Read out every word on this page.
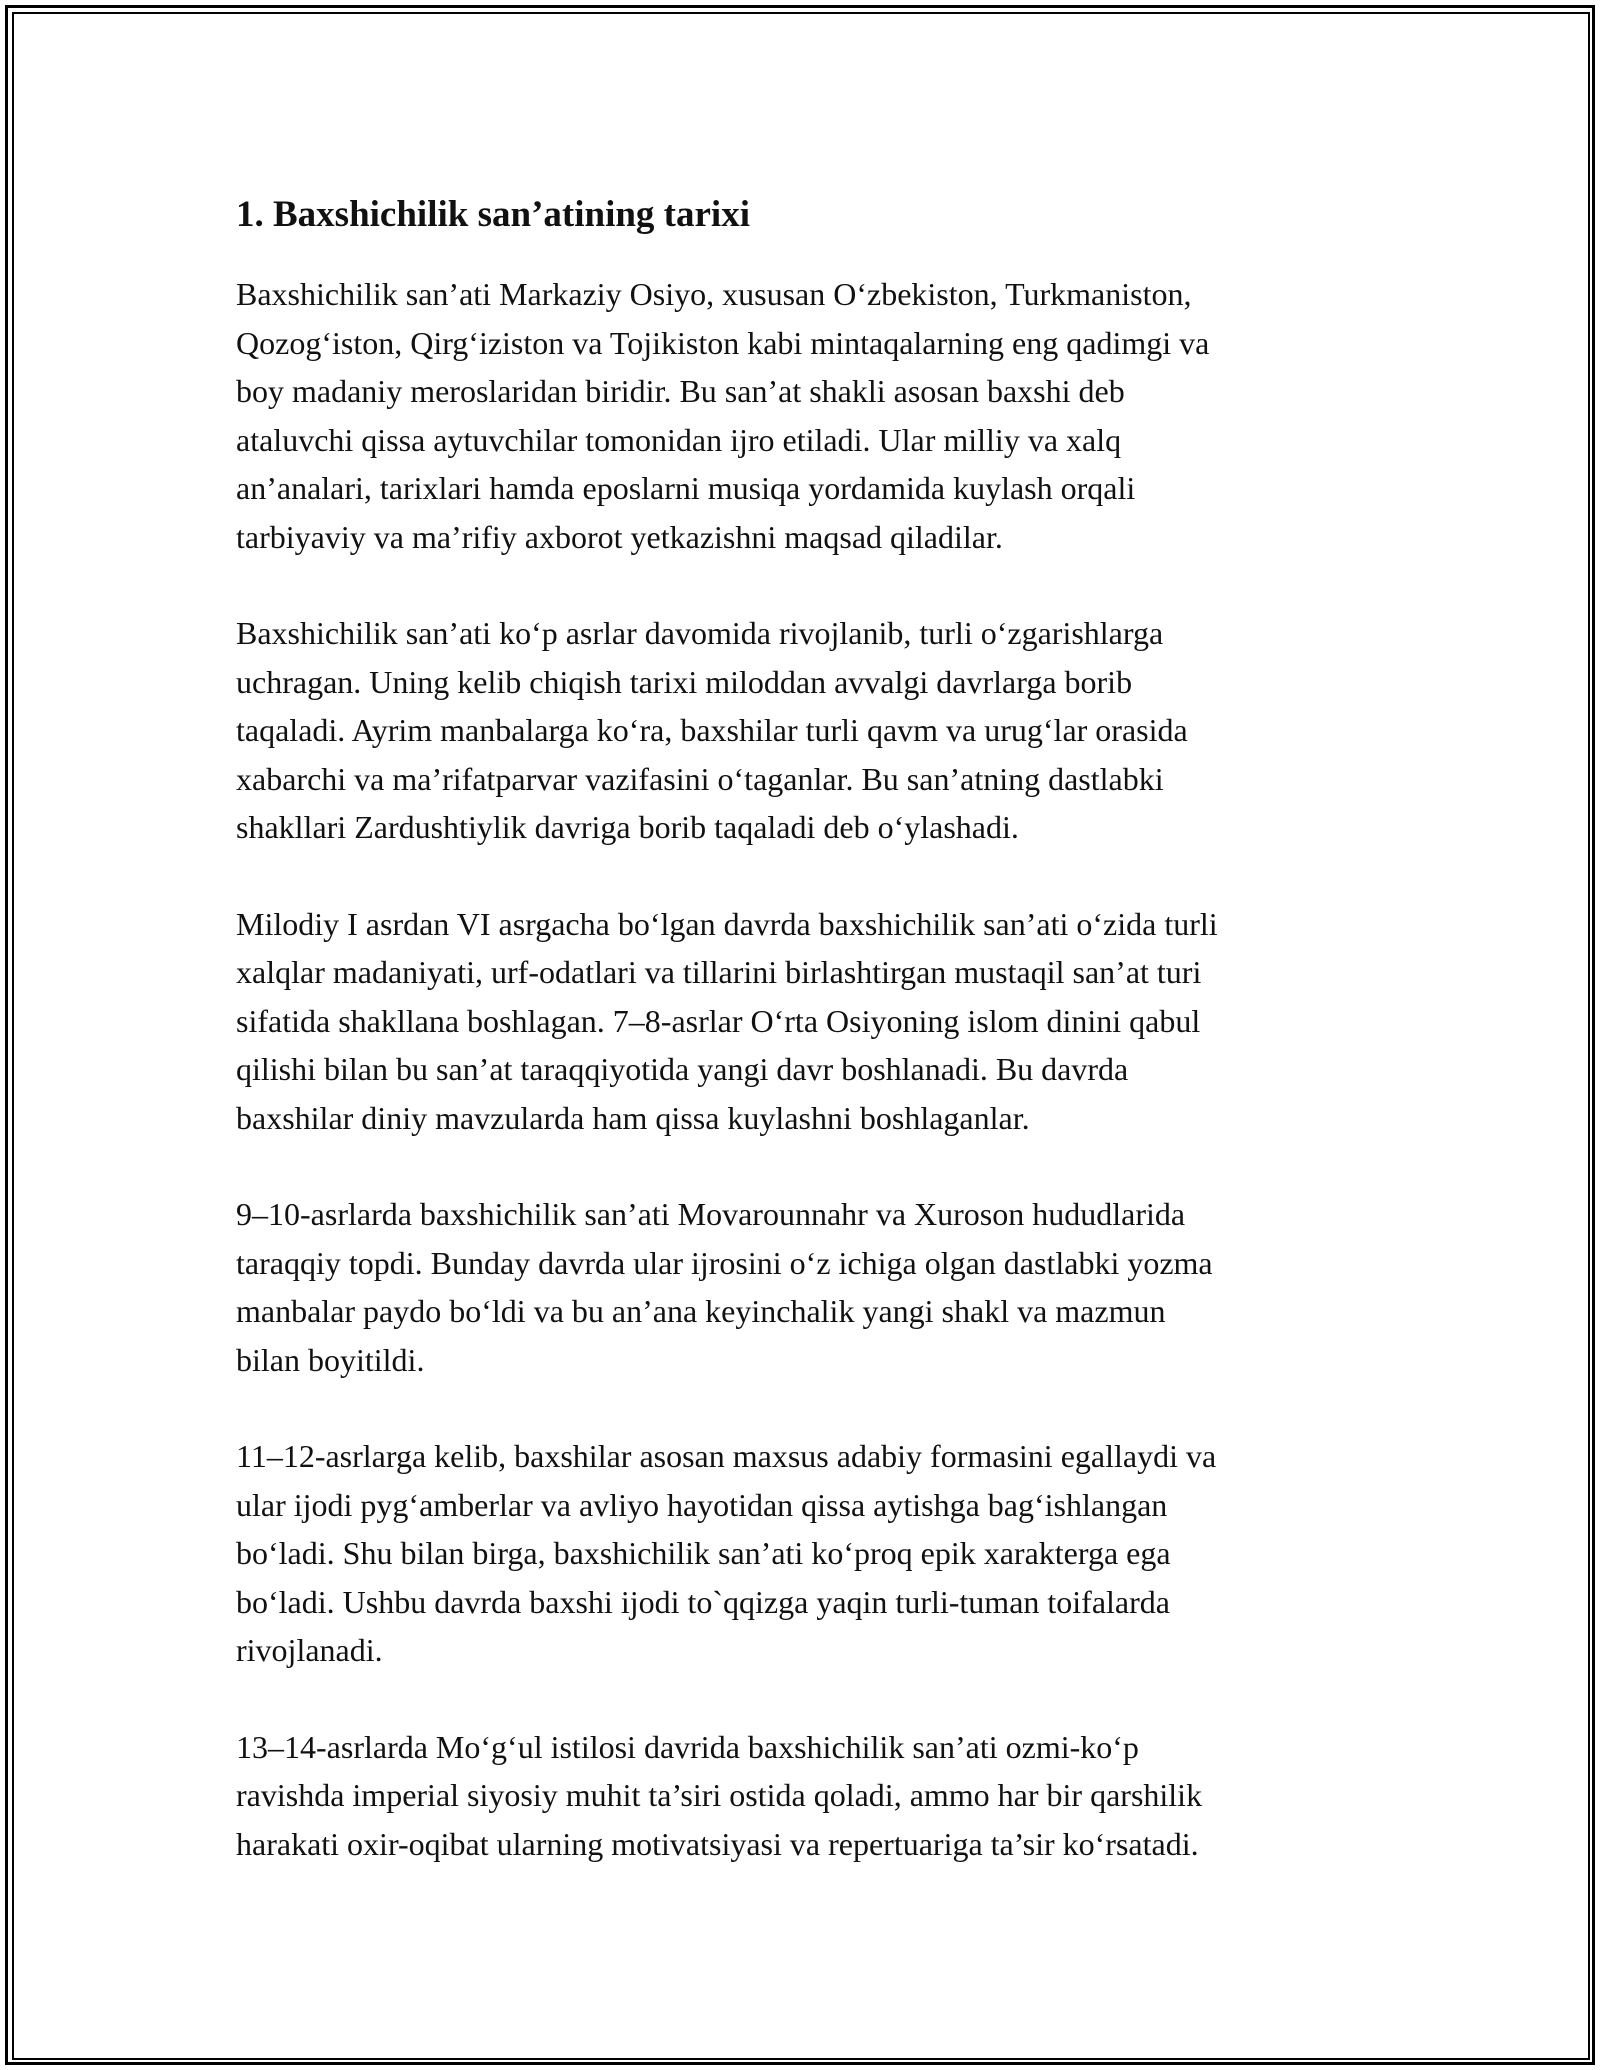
1. Baxshichilik san’atining tarixi

Baxshichilik san’ati Markaziy Osiyo, xususan O‘zbekiston, Turkmaniston,
Qozog‘iston, Qirg‘iziston va Tojikiston kabi mintaqalarning eng qadimgi va
boy madaniy meroslaridan biridir. Bu san’at shakli asosan baxshi deb
ataluvchi qissa aytuvchilar tomonidan ijro etiladi. Ular milliy va xalq
an’analari, tarixlari hamda eposlarni musiqa yordamida kuylash orqali
tarbiyaviy va ma’rifiy axborot yetkazishni maqsad qiladilar.

Baxshichilik san’ati ko‘p asrlar davomida rivojlanib, turli o‘zgarishlarga
uchragan. Uning kelib chiqish tarixi miloddan avvalgi davrlarga borib
taqaladi. Ayrim manbalarga ko‘ra, baxshilar turli qavm va urug‘lar orasida
xabarchi va ma’rifatparvar vazifasini o‘taganlar. Bu san’atning dastlabki
shakllari Zardushtiylik davriga borib taqaladi deb o‘ylashadi.

Milodiy I asrdan VI asrgacha bo‘lgan davrda baxshichilik san’ati o‘zida turli
xalqlar madaniyati, urf-odatlari va tillarini birlashtirgan mustaqil san’at turi
sifatida shakllana boshlagan. 7–8-asrlar O‘rta Osiyoning islom dinini qabul
qilishi bilan bu san’at taraqqiyotida yangi davr boshlanadi. Bu davrda
baxshilar diniy mavzularda ham qissa kuylashni boshlaganlar.

9–10-asrlarda baxshichilik san’ati Movarounnahr va Xuroson hududlarida
taraqqiy topdi. Bunday davrda ular ijrosini o‘z ichiga olgan dastlabki yozma
manbalar paydo bo‘ldi va bu an’ana keyinchalik yangi shakl va mazmun
bilan boyitildi.

11–12-asrlarga kelib, baxshilar asosan maxsus adabiy formasini egallaydi va
ular ijodi pyg‘amberlar va avliyo hayotidan qissa aytishga bag‘ishlangan
bo‘ladi. Shu bilan birga, baxshichilik san’ati ko‘proq epik xarakterga ega
bo‘ladi. Ushbu davrda baxshi ijodi to`qqizga yaqin turli-tuman toifalarda
rivojlanadi.

13–14-asrlarda Mo‘g‘ul istilosi davrida baxshichilik san’ati ozmi-ko‘p
ravishda imperial siyosiy muhit ta’siri ostida qoladi, ammo har bir qarshilik
harakati oxir-oqibat ularning motivatsiyasi va repertuariga ta’sir ko‘rsatadi.
